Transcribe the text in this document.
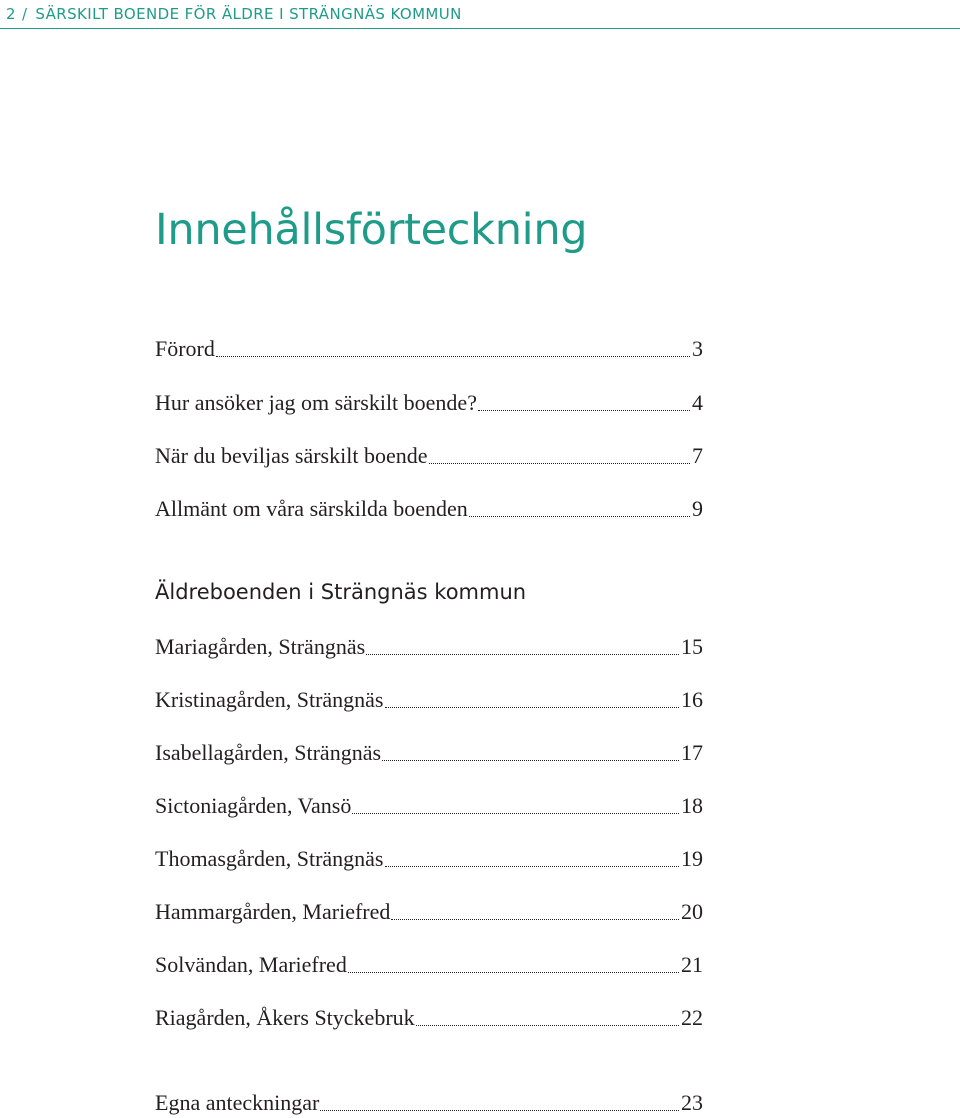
2 / SÄRSKILT BOENDE FÖR ÄLDRE I STRÄNGNÄS KOMMUN
Innehållsförteckning
Förord	3
Hur ansöker jag om särskilt boende?	4
När du beviljas särskilt boende	7
Allmänt om våra särskilda boenden	9
Äldreboenden i Strängnäs kommun
Mariagården, Strängnäs	15
Kristinagården, Strängnäs	16
Isabellagården, Strängnäs	17
Sictoniagården, Vansö	18
Thomasgården, Strängnäs	19
Hammargården, Mariefred	20
Solvändan, Mariefred	21
Riagården, Åkers Styckebruk	22
Egna anteckningar	23
